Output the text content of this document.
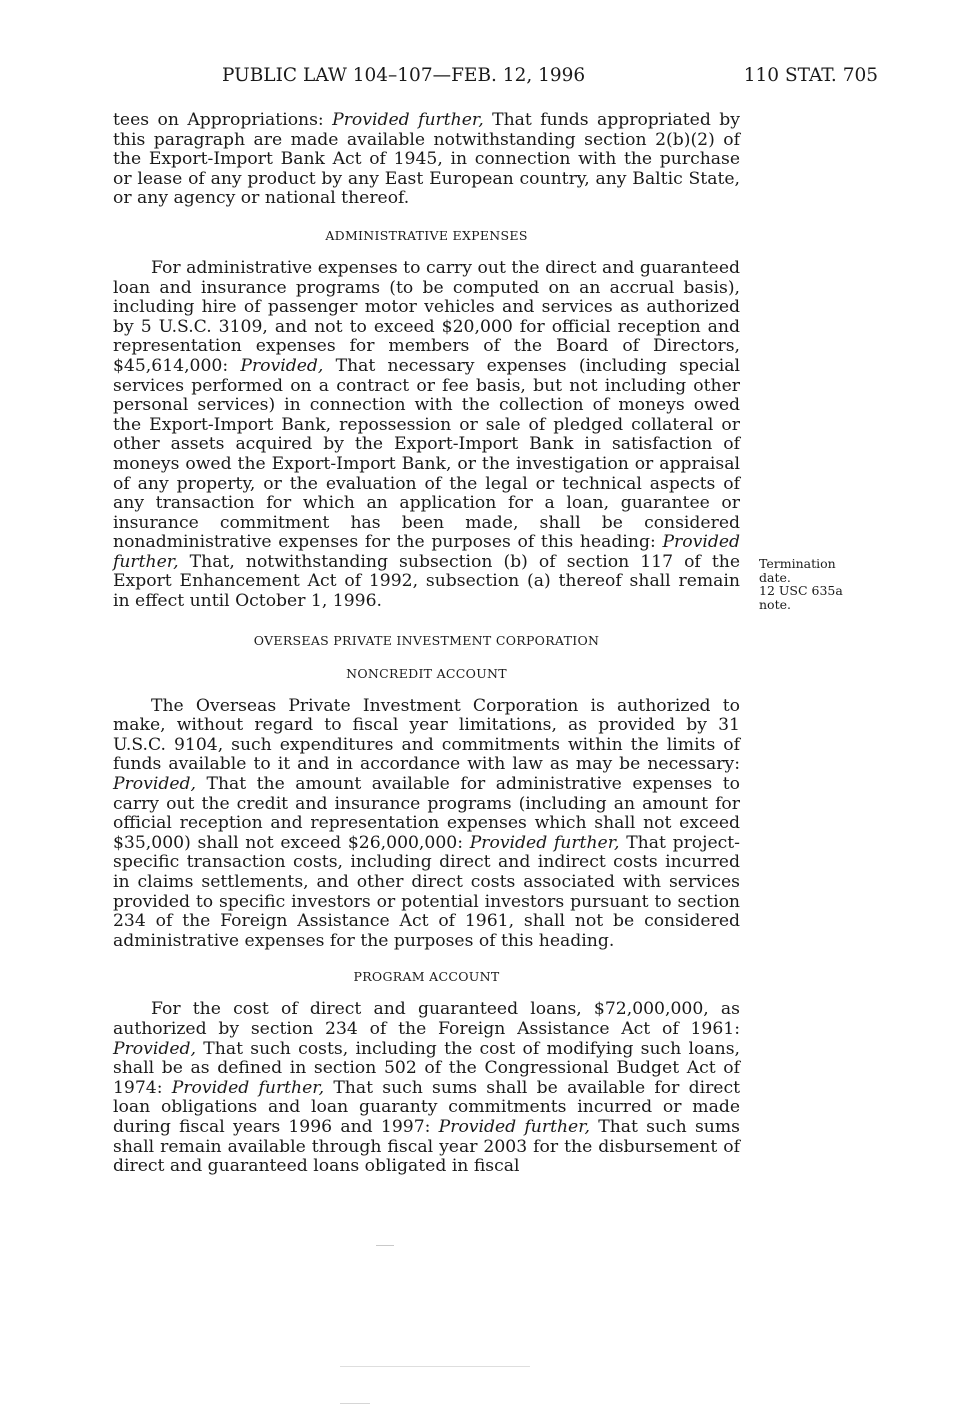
PUBLIC LAW 104–107—FEB. 12, 1996	110 STAT. 705

tees on Appropriations: Provided further, That funds appropriated by this paragraph are made available notwithstanding section 2(b)(2) of the Export-Import Bank Act of 1945, in connection with the purchase or lease of any product by any East European country, any Baltic State, or any agency or national thereof.

ADMINISTRATIVE EXPENSES

For administrative expenses to carry out the direct and guaranteed loan and insurance programs (to be computed on an accrual basis), including hire of passenger motor vehicles and services as authorized by 5 U.S.C. 3109, and not to exceed $20,000 for official reception and representation expenses for members of the Board of Directors, $45,614,000: Provided, That necessary expenses (including special services performed on a contract or fee basis, but not including other personal services) in connection with the collection of moneys owed the Export-Import Bank, repossession or sale of pledged collateral or other assets acquired by the Export-Import Bank in satisfaction of moneys owed the Export-Import Bank, or the investigation or appraisal of any property, or the evaluation of the legal or technical aspects of any transaction for which an application for a loan, guarantee or insurance commitment has been made, shall be considered nonadministrative expenses for the purposes of this heading: Provided further, That, notwithstanding subsection (b) of section 117 of the Export Enhancement Act of 1992, subsection (a) thereof shall remain in effect until October 1, 1996.

OVERSEAS PRIVATE INVESTMENT CORPORATION

NONCREDIT ACCOUNT

The Overseas Private Investment Corporation is authorized to make, without regard to fiscal year limitations, as provided by 31 U.S.C. 9104, such expenditures and commitments within the limits of funds available to it and in accordance with law as may be necessary: Provided, That the amount available for administrative expenses to carry out the credit and insurance programs (including an amount for official reception and representation expenses which shall not exceed $35,000) shall not exceed $26,000,000: Provided further, That project-specific transaction costs, including direct and indirect costs incurred in claims settlements, and other direct costs associated with services provided to specific investors or potential investors pursuant to section 234 of the Foreign Assistance Act of 1961, shall not be considered administrative expenses for the purposes of this heading.

PROGRAM ACCOUNT

For the cost of direct and guaranteed loans, $72,000,000, as authorized by section 234 of the Foreign Assistance Act of 1961: Provided, That such costs, including the cost of modifying such loans, shall be as defined in section 502 of the Congressional Budget Act of 1974: Provided further, That such sums shall be available for direct loan obligations and loan guaranty commitments incurred or made during fiscal years 1996 and 1997: Provided further, That such sums shall remain available through fiscal year 2003 for the disbursement of direct and guaranteed loans obligated in fiscal

Termination
date.
12 USC 635a
note.
